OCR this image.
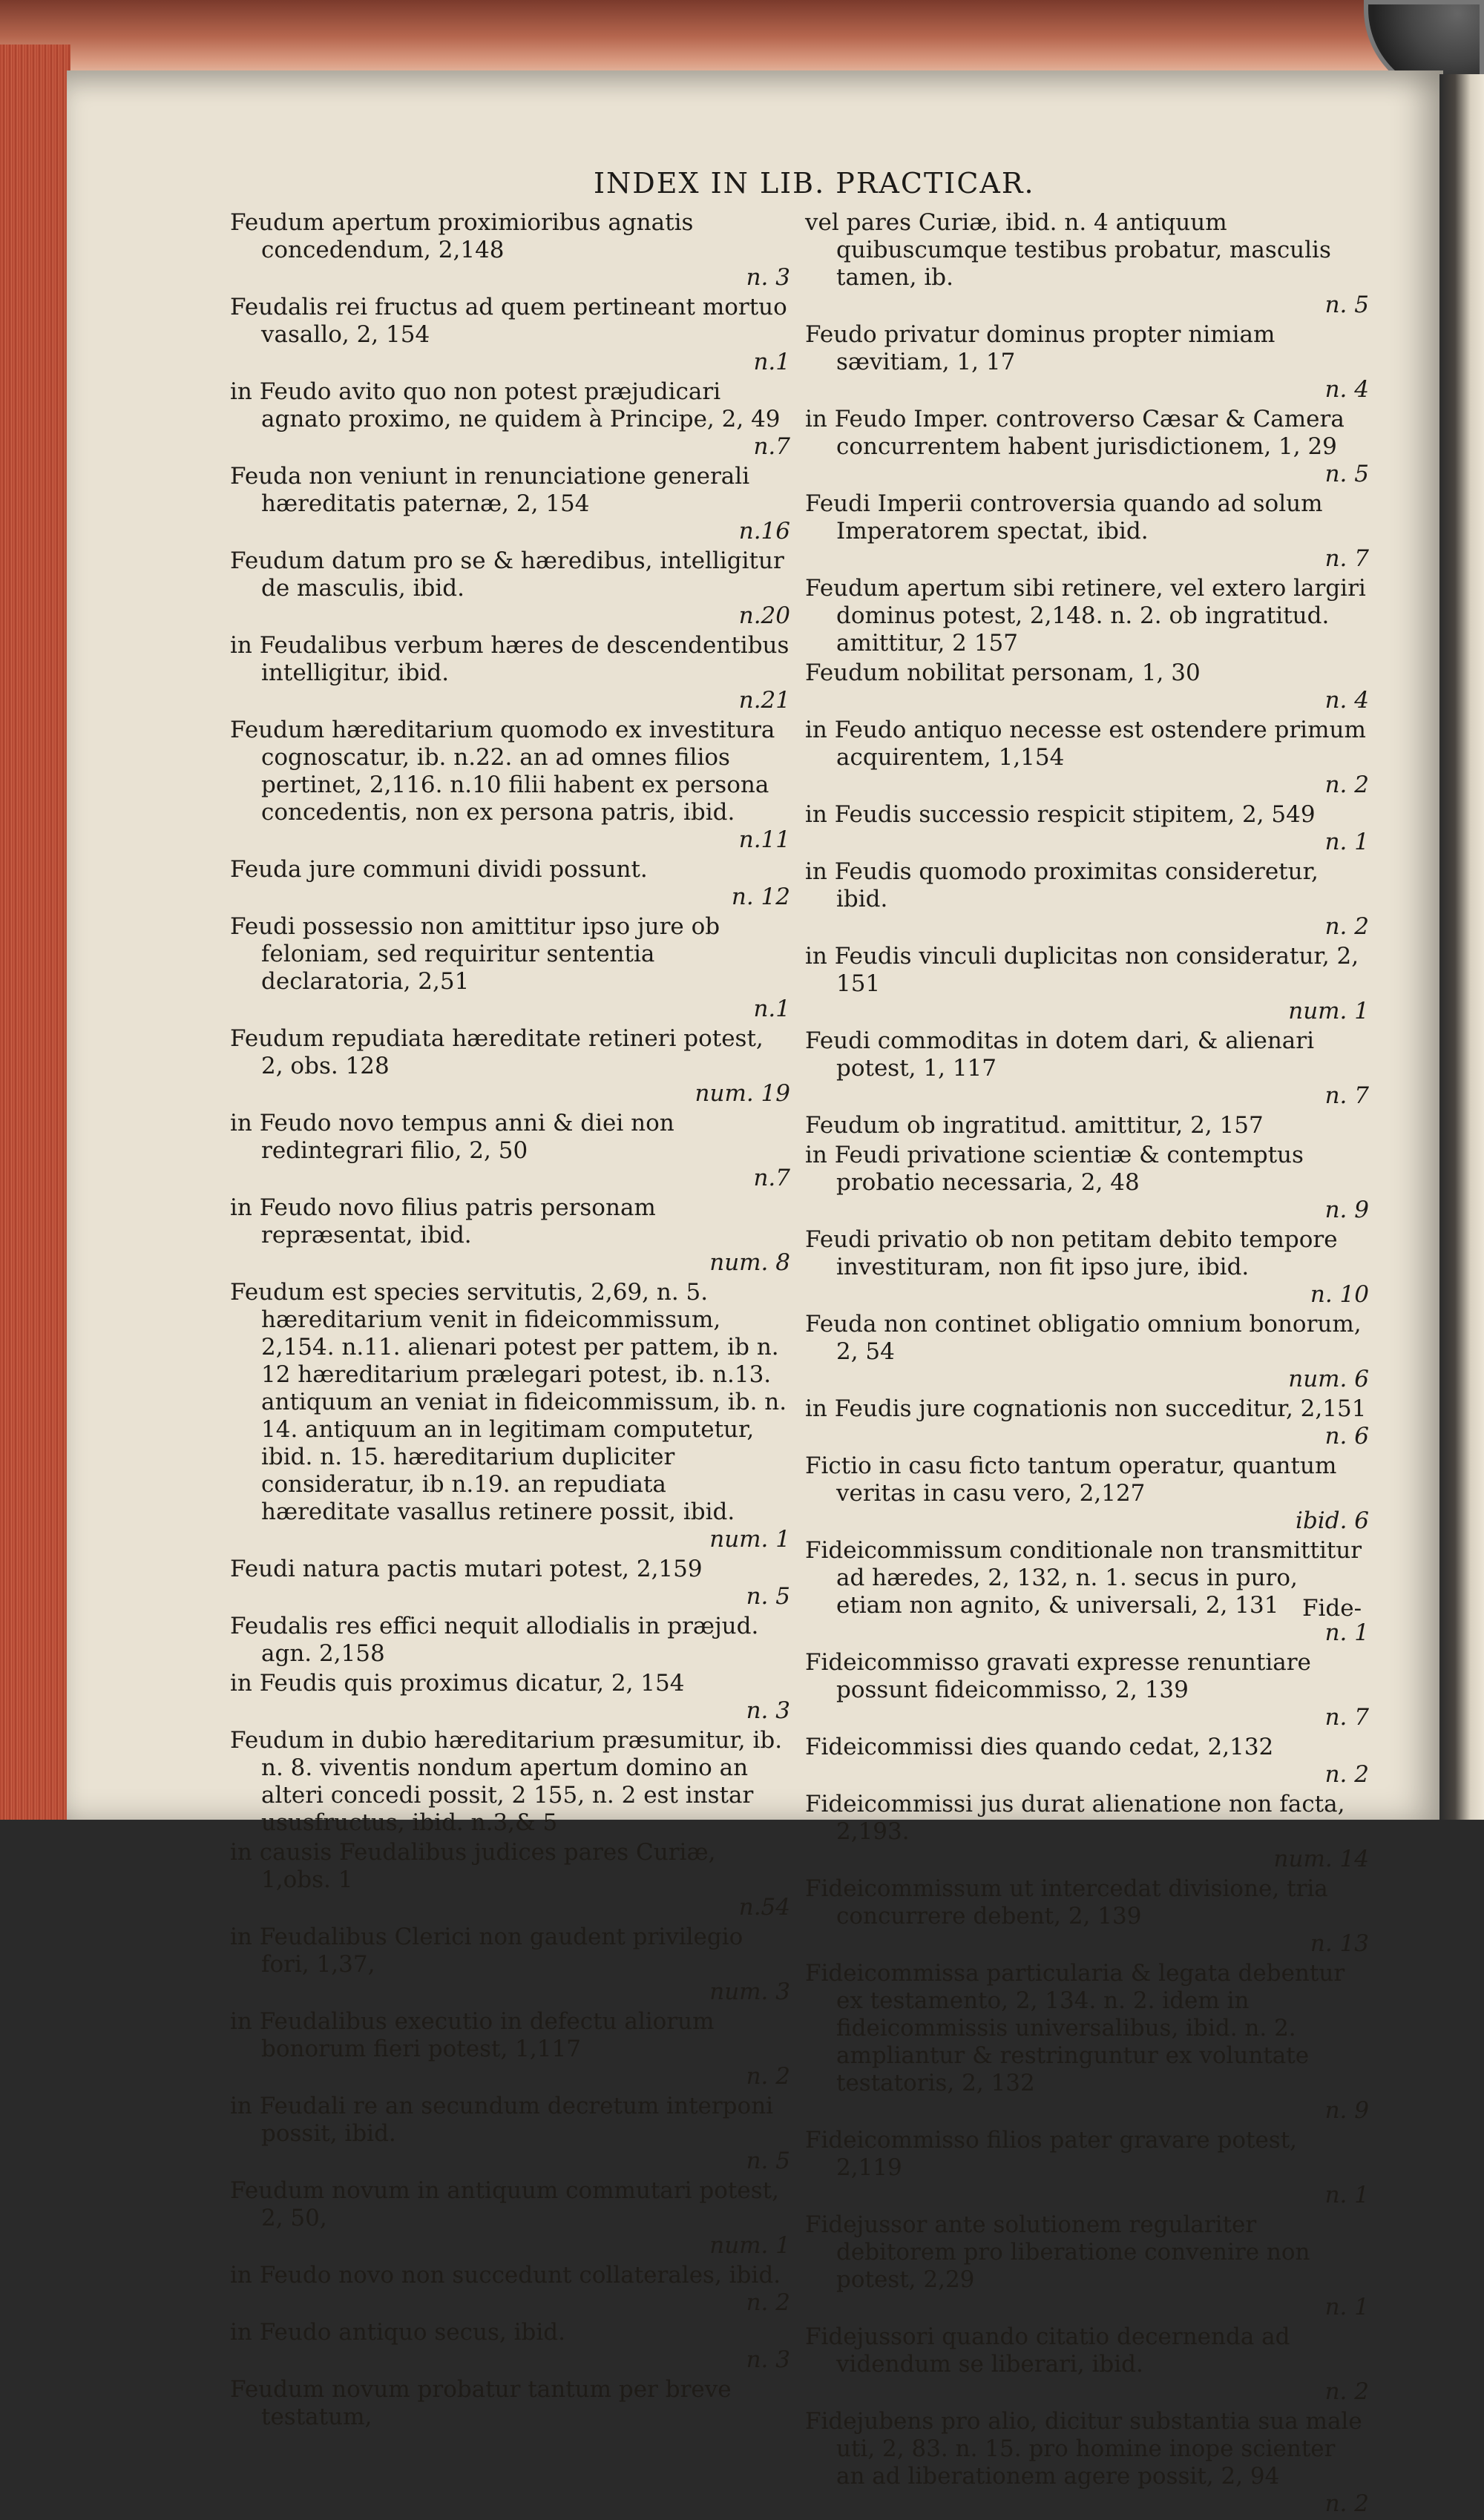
INDEX IN LIB. PRACTICAR.
Feudum apertum proximioribus agnatis concedendum, 2,148
n. 3
Feudalis rei fructus ad quem pertineant mortuo vasallo, 2, 154
n.1
in Feudo avito quo non potest præjudicari agnato proximo, ne quidem à Principe, 2, 49
n.7
Feuda non veniunt in renunciatione generali hæreditatis paternæ, 2, 154
n.16
Feudum datum pro se & hæredibus, intelligitur de masculis, ibid.
n.20
in Feudalibus verbum hæres de descendentibus intelligitur, ibid.
n.21
Feudum hæreditarium quomodo ex investitura cognoscatur, ib. n.22. an ad omnes filios pertinet, 2,116. n.10 filii habent ex persona concedentis, non ex persona patris, ibid.
n.11
Feuda jure communi dividi possunt.
n. 12
Feudi possessio non amittitur ipso jure ob feloniam, sed requiritur sententia declaratoria, 2,51
n.1
Feudum repudiata hæreditate retineri potest, 2, obs. 128
num. 19
in Feudo novo tempus anni & diei non redintegrari filio, 2, 50
n.7
in Feudo novo filius patris personam repræsentat, ibid.
num. 8
Feudum est species servitutis, 2,69, n. 5. hæreditarium venit in fideicommissum, 2,154. n.11. alienari potest per pattem, ib n. 12 hæreditarium prælegari potest, ib. n.13. antiquum an veniat in fideicommissum, ib. n. 14. antiquum an in legitimam computetur, ibid. n. 15. hæreditarium dupliciter consideratur, ib n.19. an repudiata hæreditate vasallus retinere possit, ibid.
num. 1
Feudi natura pactis mutari potest, 2,159
n. 5
Feudalis res effici nequit allodialis in præjud. agn. 2,158
in Feudis quis proximus dicatur, 2, 154
n. 3
Feudum in dubio hæreditarium præsumitur, ib. n. 8. viventis nondum apertum domino an alteri concedi possit, 2 155, n. 2 est instar ususfructus, ibid. n.3,& 5
in causis Feudalibus judices pares Curiæ, 1,obs. 1
n.54
in Feudalibus Clerici non gaudent privilegio fori, 1,37,
num. 3
in Feudalibus executio in defectu aliorum bonorum fieri potest, 1,117
n. 2
in Feudali re an secundum decretum interponi possit, ibid.
n. 5
Feudum novum in antiquum commutari potest, 2, 50,
num. 1
in Feudo novo non succedunt collaterales, ibid.
n. 2
in Feudo antiquo secus, ibid.
n. 3
Feudum novum probatur tantum per breve testatum,
vel pares Curiæ, ibid. n. 4 antiquum quibuscumque testibus probatur, masculis tamen, ib.
n. 5
Feudo privatur dominus propter nimiam sævitiam, 1, 17
n. 4
in Feudo Imper. controverso Cæsar & Camera concurrentem habent jurisdictionem, 1, 29
n. 5
Feudi Imperii controversia quando ad solum Imperatorem spectat, ibid.
n. 7
Feudum apertum sibi retinere, vel extero largiri dominus potest, 2,148. n. 2. ob ingratitud. amittitur, 2 157
Feudum nobilitat personam, 1, 30
n. 4
in Feudo antiquo necesse est ostendere primum acquirentem, 1,154
n. 2
in Feudis successio respicit stipitem, 2, 549
n. 1
in Feudis quomodo proximitas consideretur, ibid.
n. 2
in Feudis vinculi duplicitas non consideratur, 2, 151
num. 1
Feudi commoditas in dotem dari, & alienari potest, 1, 117
n. 7
Feudum ob ingratitud. amittitur, 2, 157
in Feudi privatione scientiæ & contemptus probatio necessaria, 2, 48
n. 9
Feudi privatio ob non petitam debito tempore investituram, non fit ipso jure, ibid.
n. 10
Feuda non continet obligatio omnium bonorum, 2, 54
num. 6
in Feudis jure cognationis non succeditur, 2,151
n. 6
Fictio in casu ficto tantum operatur, quantum veritas in casu vero, 2,127
ibid. 6
Fideicommissum conditionale non transmittitur ad hæredes, 2, 132, n. 1. secus in puro, etiam non agnito, & universali, 2, 131
n. 1
Fideicommisso gravati expresse renuntiare possunt fideicommisso, 2, 139
n. 7
Fideicommissi dies quando cedat, 2,132
n. 2
Fideicommissi jus durat alienatione non facta, 2,193.
num. 14
Fideicommissum ut intercedat divisione, tria concurrere debent, 2, 139
n. 13
Fideicommissa particularia & legata debentur ex testamento, 2, 134. n. 2. idem in fideicommissis universalibus, ibid. n. 2. ampliantur & restringuntur ex voluntate testatoris, 2, 132
n. 9
Fideicommisso filios pater gravare potest, 2,119
n. 1
Fidejussor ante solutionem regulariter debitorem pro liberatione convenire non potest, 2,29
n. 1
Fidejussori quando citatio decernenda ad videndum se liberari, ibid.
n. 2
Fidejubens pro alio, dicitur substantia sua male uti, 2, 83. n. 15. pro homine inope scienter an ad liberationem agere possit, 2, 94
n. 2
Fide-
